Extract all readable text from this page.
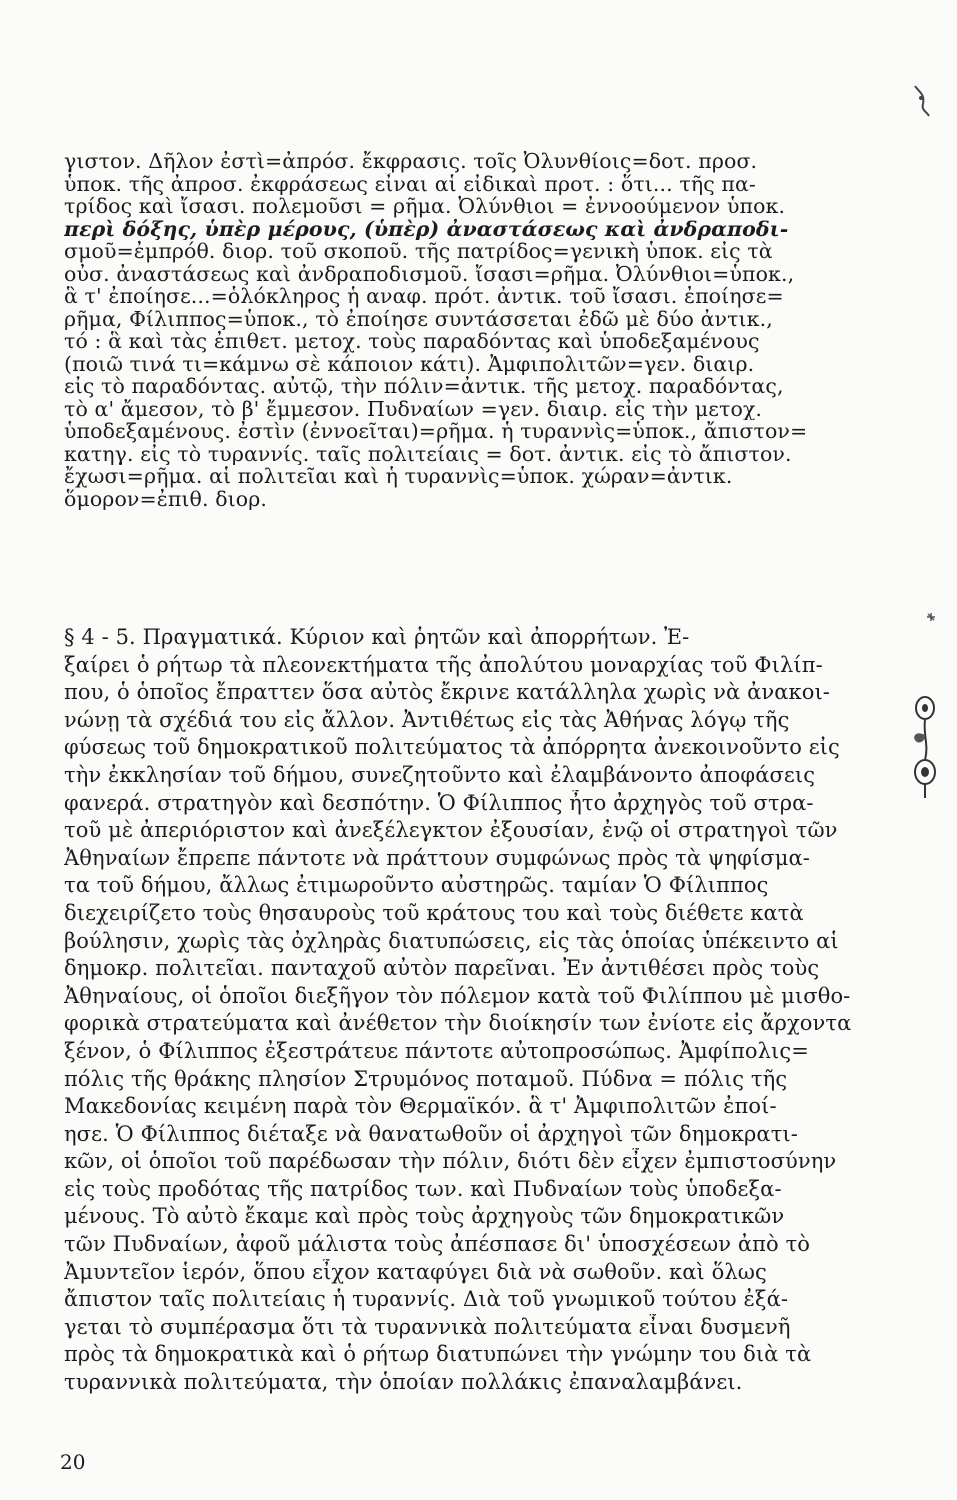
γιστον. Δῆλον ἐστὶ=ἀπρόσ. ἔκφρασις. τοῖς Ὀλυνθίοις=δοτ. προσ.
ὑποκ. τῆς ἀπροσ. ἐκφράσεως εἶναι αἱ εἰδικαὶ προτ. : ὅτι... τῆς πα-
τρίδος καὶ ἴσασι. πολεμοῦσι = ρῆμα. Ὀλύνθιοι = ἐννοούμενον ὑποκ.
περὶ δόξης, ὑπὲρ μέρους, (ὑπὲρ) ἀναστάσεως καὶ ἀνδραποδι-
σμοῦ=ἐμπρόθ. διορ. τοῦ σκοποῦ. τῆς πατρίδος=γενικὴ ὑποκ. εἰς τὰ
οὐσ. ἀναστάσεως καὶ ἀνδραποδισμοῦ. ἴσασι=ρῆμα. Ὀλύνθιοι=ὑποκ.,
ἃ τ' ἐποίησε...=ὁλόκληρος ἡ αναφ. πρότ. ἀντικ. τοῦ ἴσασι. ἐποίησε=
ρῆμα, Φίλιππος=ὑποκ., τὸ ἐποίησε συντάσσεται ἐδῶ μὲ δύο ἀντικ.,
τό : ἃ καὶ τὰς ἐπιθετ. μετοχ. τοὺς παραδόντας καὶ ὑποδεξαμένους
(ποιῶ τινά τι=κάμνω σὲ κάποιον κάτι). Ἀμφιπολιτῶν=γεν. διαιρ.
εἰς τὸ παραδόντας. αὐτῷ, τὴν πόλιν=ἀντικ. τῆς μετοχ. παραδόντας,
τὸ α' ἄμεσον, τὸ β' ἔμμεσον. Πυδναίων =γεν. διαιρ. εἰς τὴν μετοχ.
ὑποδεξαμένους. ἐστὶν (ἐννοεῖται)=ρῆμα. ἡ τυραννὶς=ὑποκ., ἄπιστον=
κατηγ. εἰς τὸ τυραννίς. ταῖς πολιτείαις = δοτ. ἀντικ. εἰς τὸ ἄπιστον.
ἔχωσι=ρῆμα. αἱ πολιτεῖαι καὶ ἡ τυραννὶς=ὑποκ. χώραν=ἀντικ.
ὅμορον=ἐπιθ. διορ.
§ 4 - 5. Πραγματικά. Κύριον καὶ ῥητῶν καὶ ἀπορρήτων. Ἐ-
ξαίρει ὁ ρήτωρ τὰ πλεονεκτήματα τῆς ἀπολύτου μοναρχίας τοῦ Φιλίπ-
που, ὁ ὁποῖος ἔπραττεν ὅσα αὐτὸς ἔκρινε κατάλληλα χωρὶς νὰ ἀνακοι-
νώνῃ τὰ σχέδιά του εἰς ἄλλον. Ἀντιθέτως εἰς τὰς Ἀθήνας λόγῳ τῆς
φύσεως τοῦ δημοκρατικοῦ πολιτεύματος τὰ ἀπόρρητα ἀνεκοινοῦντο εἰς
τὴν ἐκκλησίαν τοῦ δήμου, συνεζητοῦντο καὶ ἐλαμβάνοντο ἀποφάσεις
φανερά. στρατηγὸν καὶ δεσπότην. Ὁ Φίλιππος ἦτο ἀρχηγὸς τοῦ στρα-
τοῦ μὲ ἀπεριόριστον καὶ ἀνεξέλεγκτον ἐξουσίαν, ἐνῷ οἱ στρατηγοὶ τῶν
Ἀθηναίων ἔπρεπε πάντοτε νὰ πράττουν συμφώνως πρὸς τὰ ψηφίσμα-
τα τοῦ δήμου, ἄλλως ἐτιμωροῦντο αὐστηρῶς. ταμίαν Ὁ Φίλιππος
διεχειρίζετο τοὺς θησαυροὺς τοῦ κράτους του καὶ τοὺς διέθετε κατὰ
βούλησιν, χωρὶς τὰς ὀχληρὰς διατυπώσεις, εἰς τὰς ὁποίας ὑπέκειντο αἱ
δημοκρ. πολιτεῖαι. πανταχοῦ αὐτὸν παρεῖναι. Ἐν ἀντιθέσει πρὸς τοὺς
Ἀθηναίους, οἱ ὁποῖοι διεξῆγον τὸν πόλεμον κατὰ τοῦ Φιλίππου μὲ μισθο-
φορικὰ στρατεύματα καὶ ἀνέθετον τὴν διοίκησίν των ἐνίοτε εἰς ἄρχοντα
ξένον, ὁ Φίλιππος ἐξεστράτευε πάντοτε αὐτοπροσώπως. Ἀμφίπολις=
πόλις τῆς θράκης πλησίον Στρυμόνος ποταμοῦ. Πύδνα = πόλις τῆς
Μακεδονίας κειμένη παρὰ τὸν Θερμαϊκόν. ἃ τ' Ἀμφιπολιτῶν ἐποί-
ησε. Ὁ Φίλιππος διέταξε νὰ θανατωθοῦν οἱ ἀρχηγοὶ τῶν δημοκρατι-
κῶν, οἱ ὁποῖοι τοῦ παρέδωσαν τὴν πόλιν, διότι δὲν εἶχεν ἐμπιστοσύνην
εἰς τοὺς προδότας τῆς πατρίδος των. καὶ Πυδναίων τοὺς ὑποδεξα-
μένους. Τὸ αὐτὸ ἔκαμε καὶ πρὸς τοὺς ἀρχηγοὺς τῶν δημοκρατικῶν
τῶν Πυδναίων, ἀφοῦ μάλιστα τοὺς ἀπέσπασε δι' ὑποσχέσεων ἀπὸ τὸ
Ἀμυντεῖον ἱερόν, ὅπου εἶχον καταφύγει διὰ νὰ σωθοῦν. καὶ ὅλως
ἄπιστον ταῖς πολιτείαις ἡ τυραννίς. Διὰ τοῦ γνωμικοῦ τούτου ἐξά-
γεται τὸ συμπέρασμα ὅτι τὰ τυραννικὰ πολιτεύματα εἶναι δυσμενῆ
πρὸς τὰ δημοκρατικὰ καὶ ὁ ρήτωρ διατυπώνει τὴν γνώμην του διὰ τὰ
τυραννικὰ πολιτεύματα, τὴν ὁποίαν πολλάκις ἐπαναλαμβάνει.
20
